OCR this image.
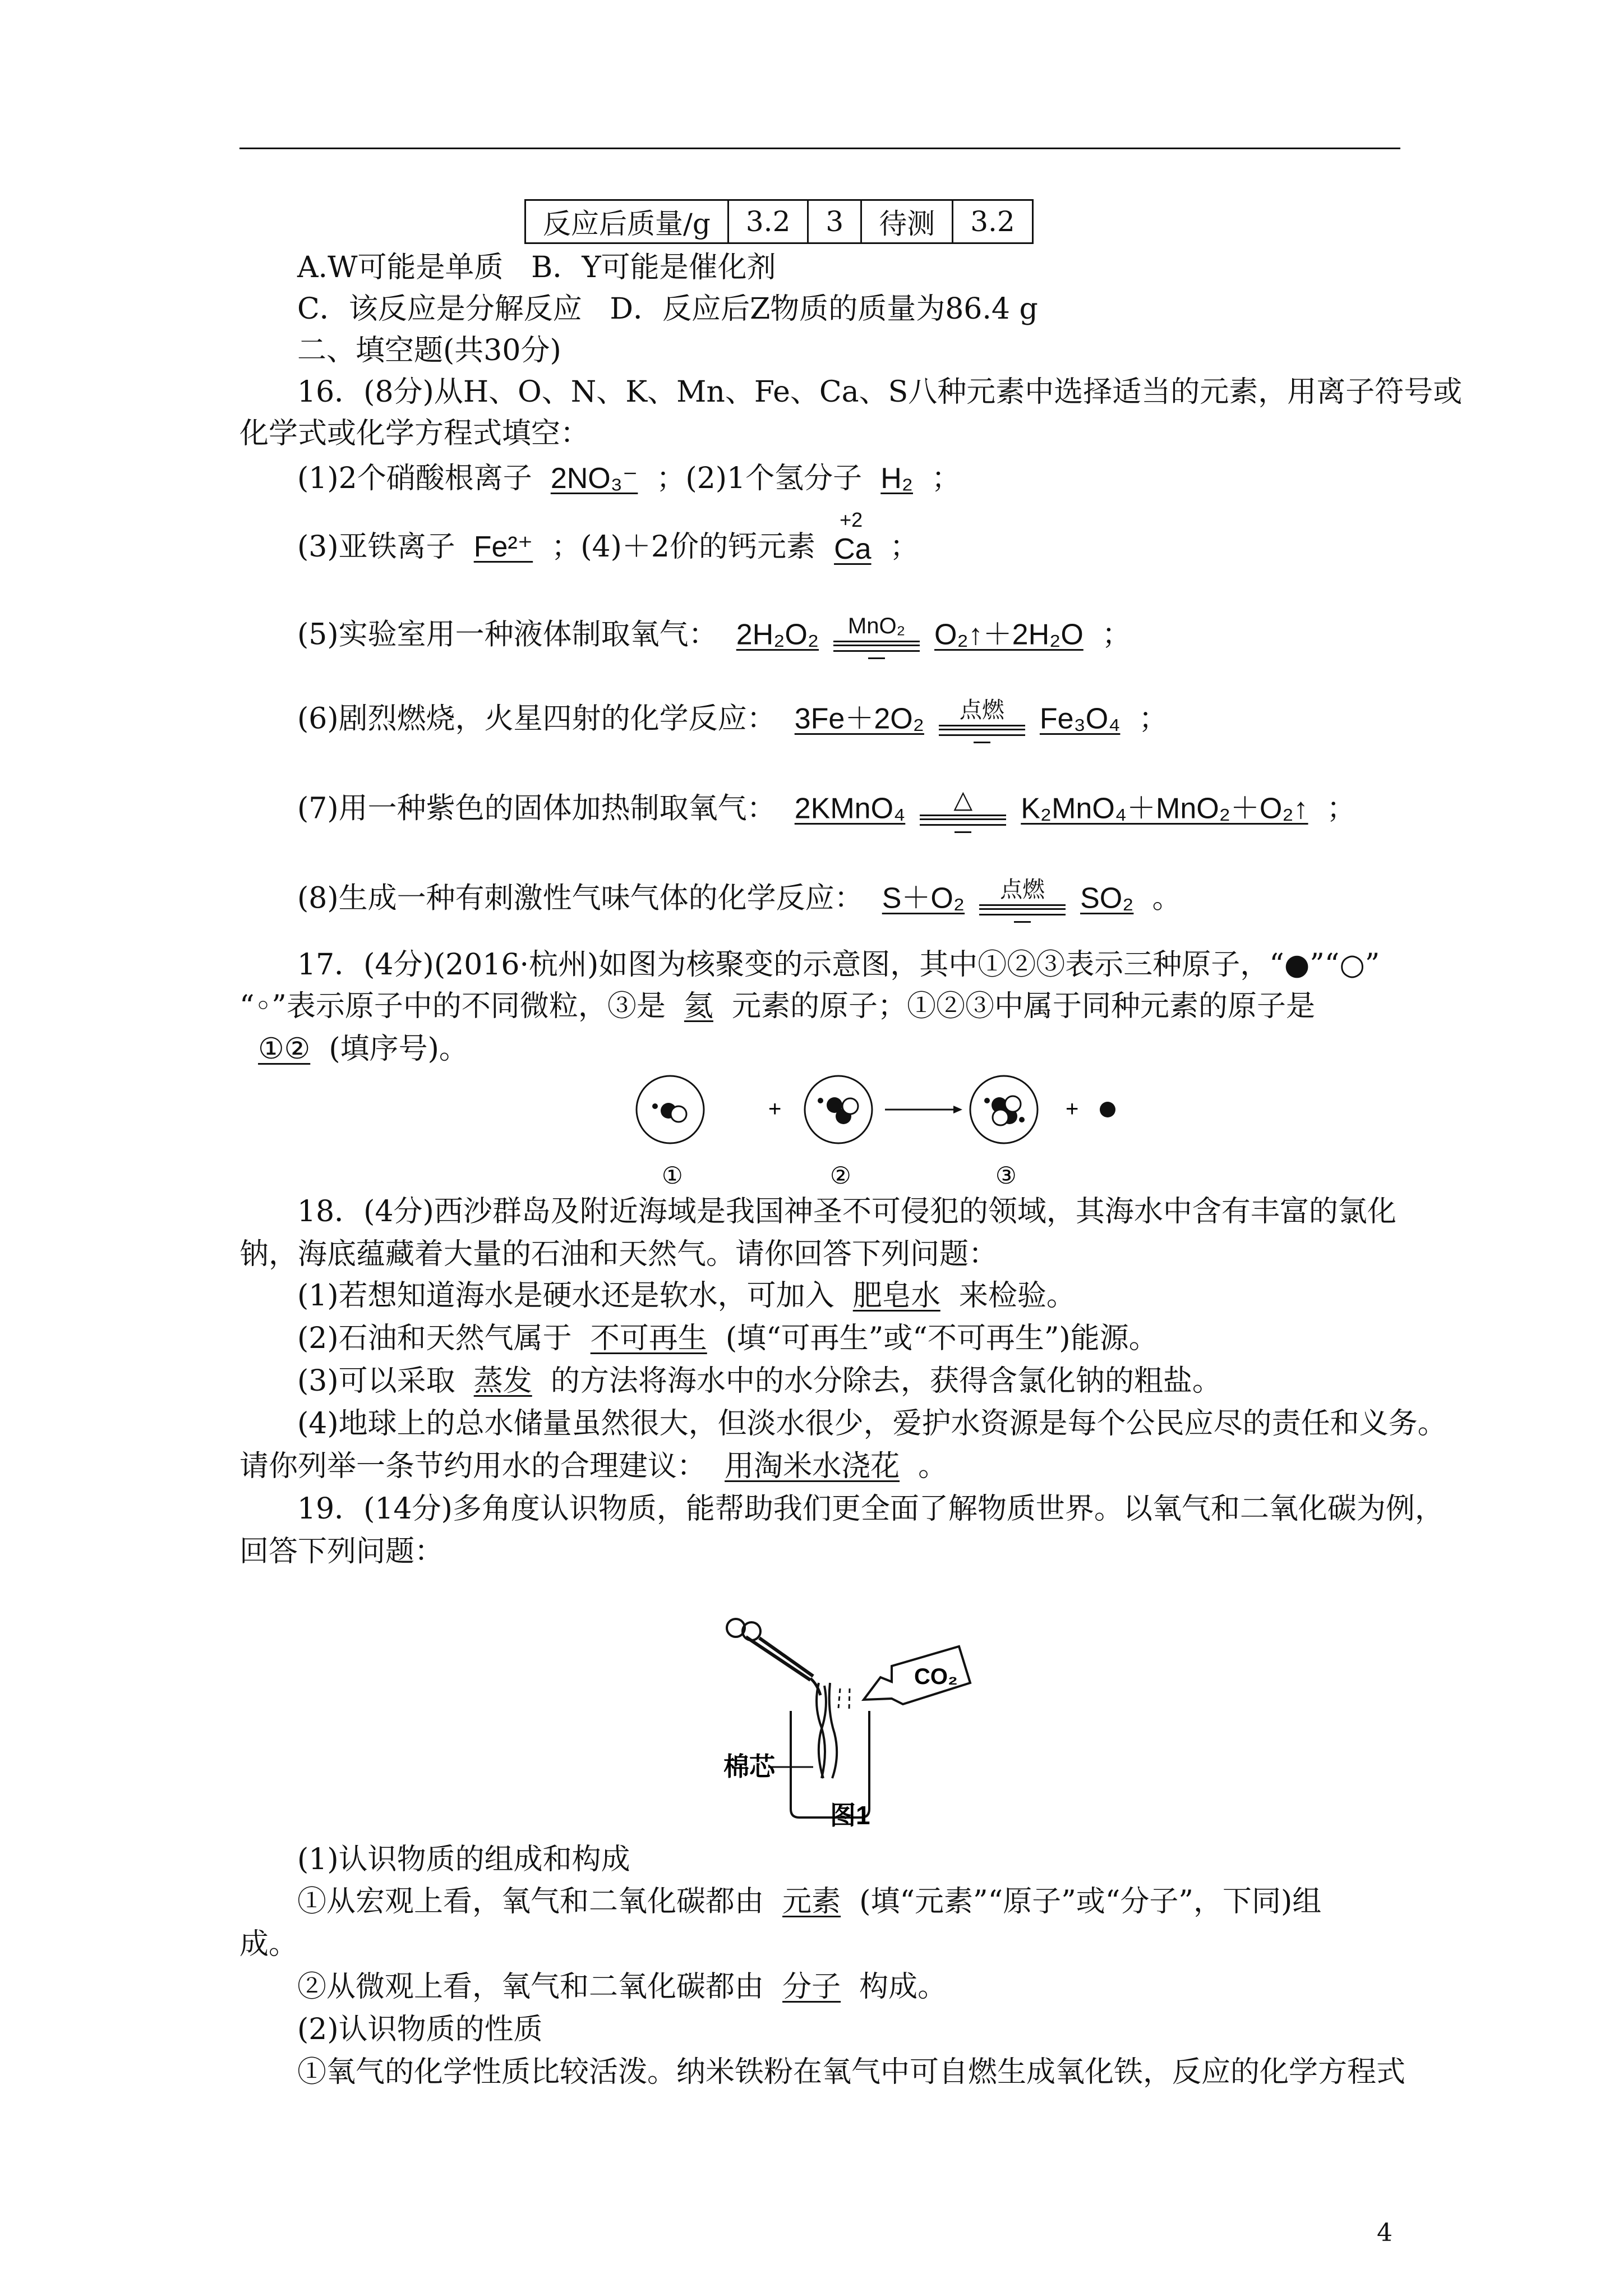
反应后质量/g	3.2	3	待测	3.2
A.W可能是单质 B．Y可能是催化剂
C．该反应是分解反应 D．反应后Z物质的质量为86.4 g
二、填空题(共30分)
16．(8分)从H、O、N、K、Mn、Fe、Ca、S八种元素中选择适当的元素，用离子符号或
化学式或化学方程式填空：
(1)2个硝酸根离子 2NO₃⁻ ；(2)1个氢分子 H₂ ；
(3)亚铁离子 Fe²⁺ ；(4)＋2价的钙元素
+2
Ca ；
(5)实验室用一种液体制取氧气： 2H₂O₂	MnO₂ O₂↑＋2H₂O ；
(6)剧烈燃烧，火星四射的化学反应： 3Fe＋2O₂	点燃	Fe₃O₄ ；
(7)用一种紫色的固体加热制取氧气： 2KMnO₄	△	K₂MnO₄＋MnO₂＋O₂↑ ；
(8)生成一种有刺激性气味气体的化学反应： S＋O₂	点燃	SO₂ 。
17．(4分)(2016·杭州)如图为核聚变的示意图，其中①②③表示三种原子，“●”“○”
“◦”表示原子中的不同微粒，③是 氦 元素的原子；①②③中属于同种元素的原子是
①② (填序号)。
+	+
①	②	③
18．(4分)西沙群岛及附近海域是我国神圣不可侵犯的领域，其海水中含有丰富的氯化
钠，海底蕴藏着大量的石油和天然气。请你回答下列问题：
(1)若想知道海水是硬水还是软水，可加入 肥皂水 来检验。
(2)石油和天然气属于 不可再生 (填“可再生”或“不可再生”)能源。
(3)可以采取 蒸发 的方法将海水中的水分除去，获得含氯化钠的粗盐。
(4)地球上的总水储量虽然很大，但淡水很少，爱护水资源是每个公民应尽的责任和义务。
请你列举一条节约用水的合理建议： 用淘米水浇花 。
19．(14分)多角度认识物质，能帮助我们更全面了解物质世界。以氧气和二氧化碳为例，
回答下列问题：
CO₂
棉芯
图1
(1)认识物质的组成和构成
①从宏观上看，氧气和二氧化碳都由 元素 (填“元素”“原子”或“分子”，下同)组
成。
②从微观上看，氧气和二氧化碳都由 分子 构成。
(2)认识物质的性质
①氧气的化学性质比较活泼。纳米铁粉在氧气中可自燃生成氧化铁，反应的化学方程式
4
